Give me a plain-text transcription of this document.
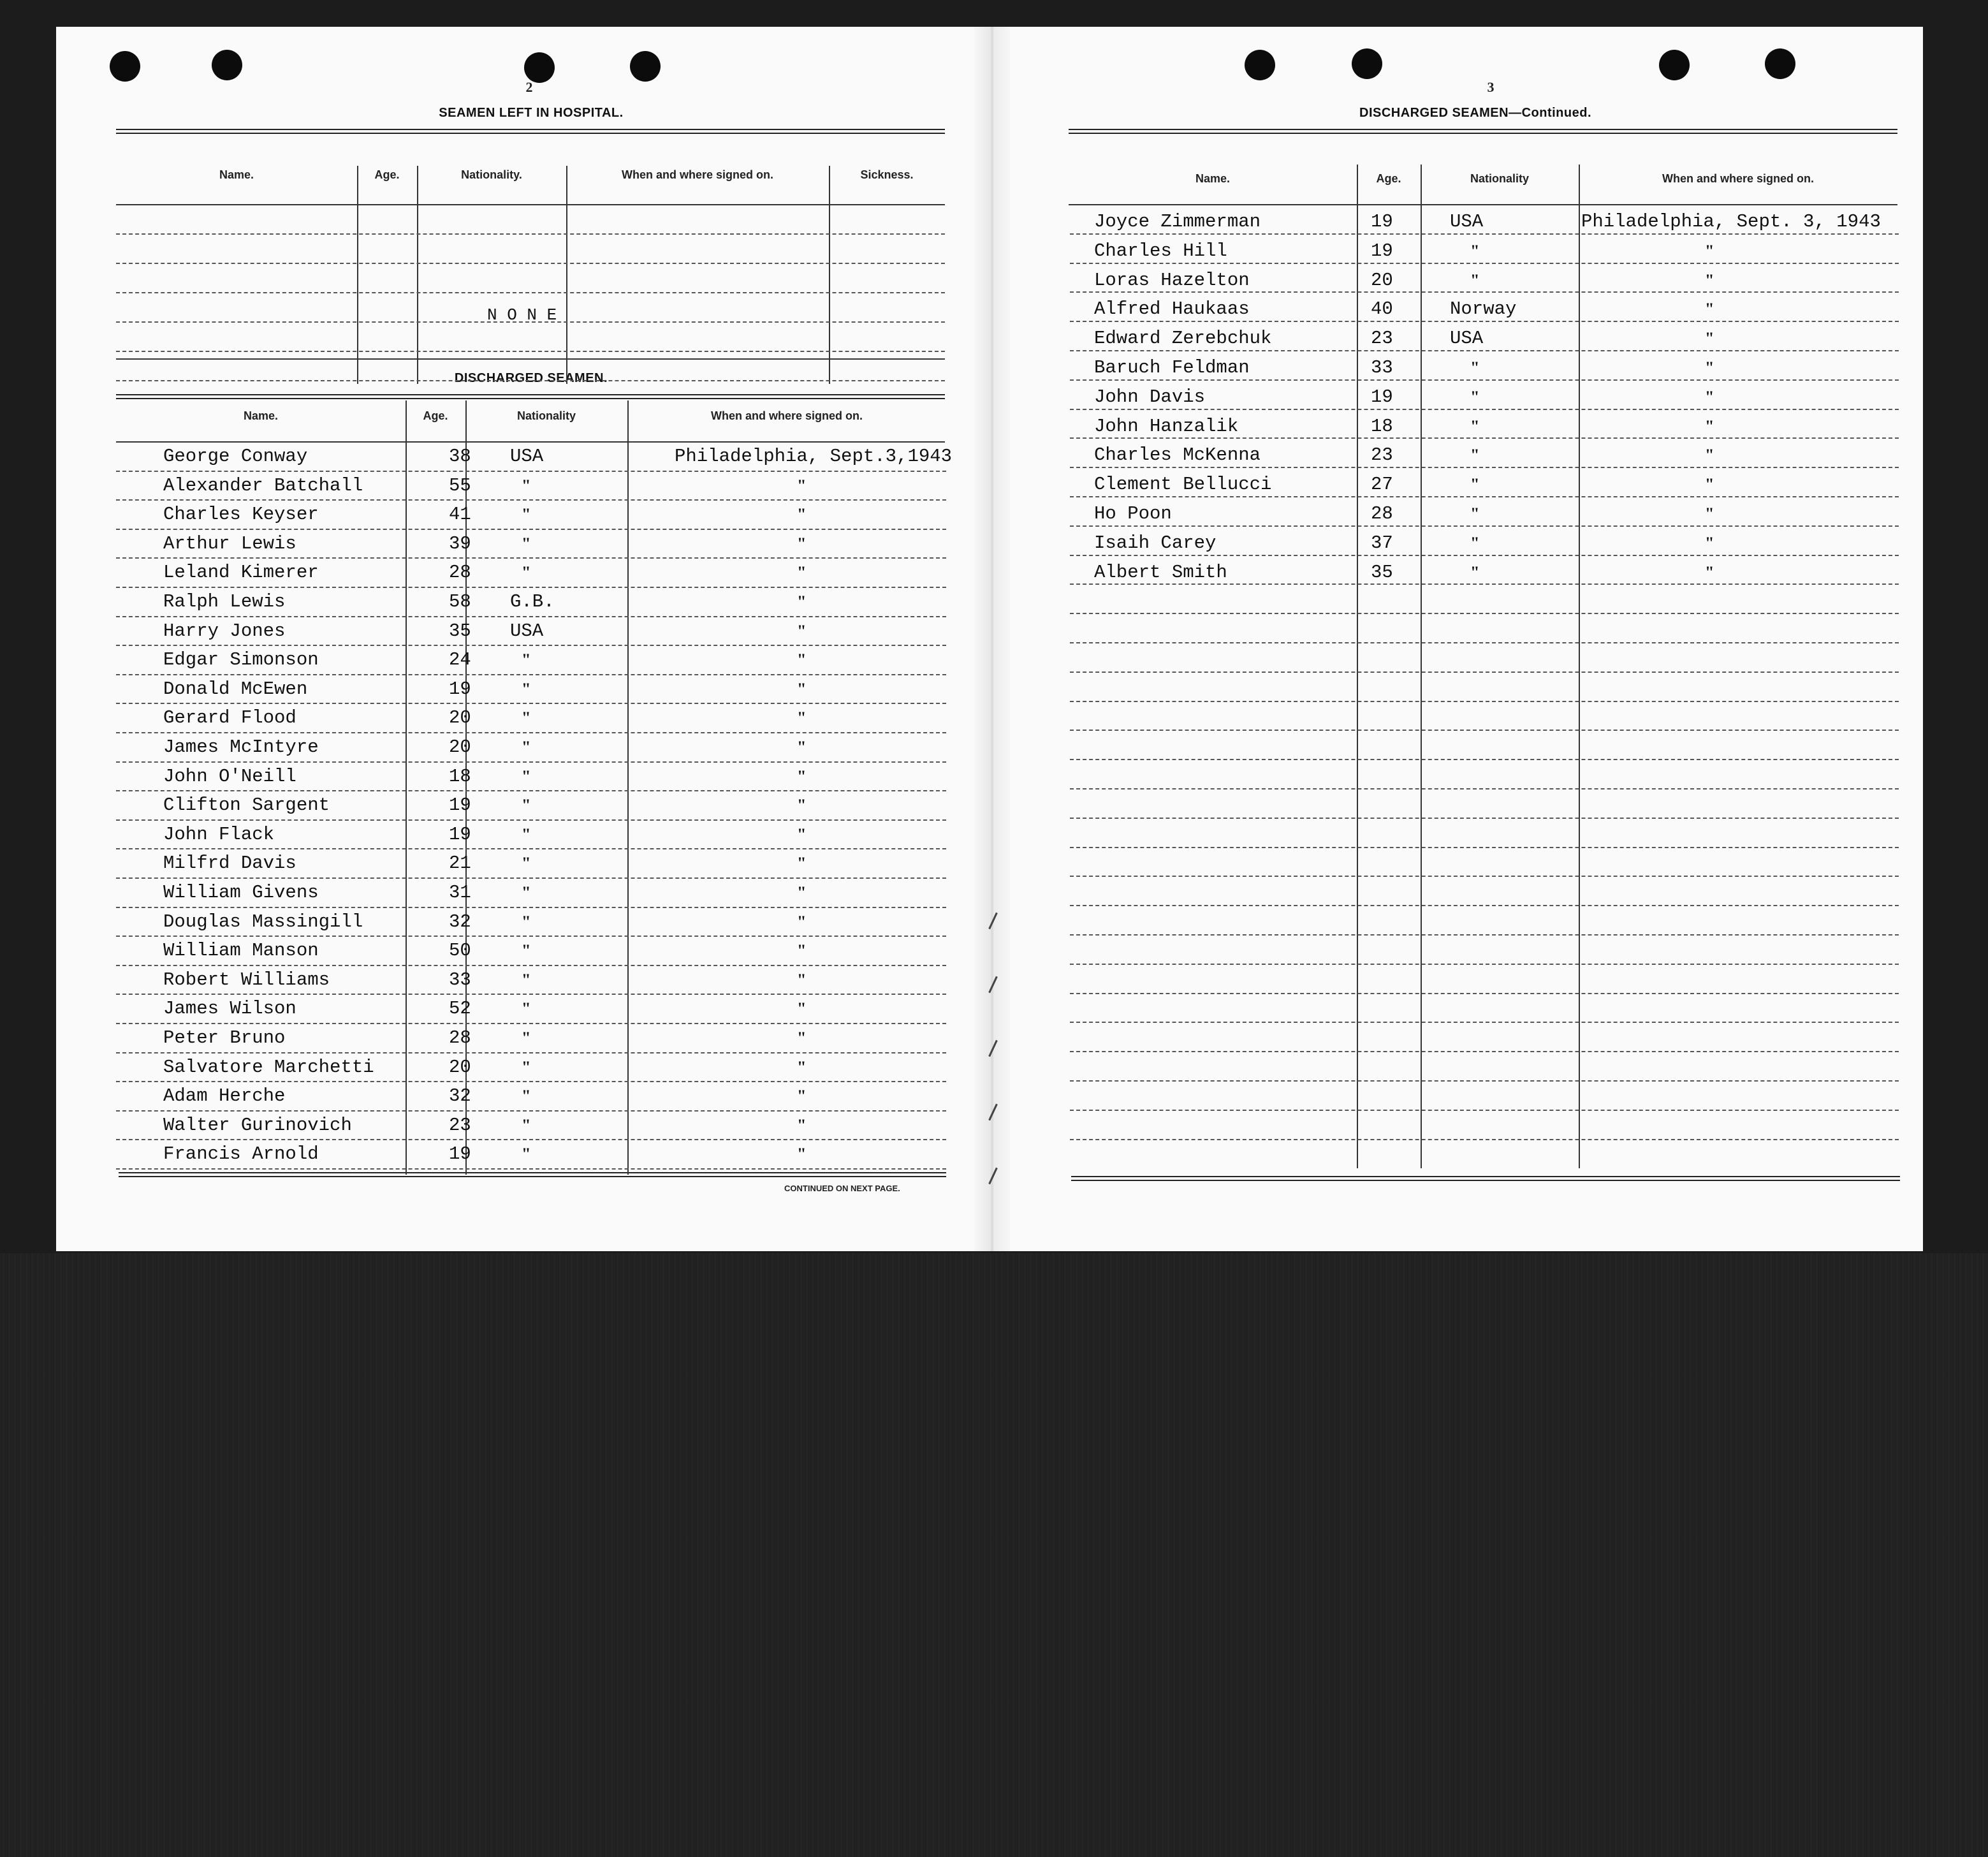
2
SEAMEN LEFT IN HOSPITAL.
DISCHARGED SEAMEN.
CONTINUED ON NEXT PAGE.
Name.	Age.	Nationality.	When and where signed on.	Sickness.
N O N E
Name.	Age.	Nationality	When and where signed on.
George Conway	38 USA	Philadelphia, Sept.3,1943
Alexander Batchall	55	"	"
Charles Keyser	41	"	"
Arthur Lewis	39	"	"
Leland Kimerer	28	"	"
Ralph Lewis	58 G.B.	"
Harry Jones	35 USA	"
Edgar Simonson	24	"	"
Donald McEwen	19	"	"
Gerard Flood	20	"	"
James McIntyre	20	"	"
John O'Neill	18	"	"
Clifton Sargent	19	"	"
John Flack	19	"	"
Milfrd Davis	21	"	"
William Givens	31	"	"
Douglas Massingill	32	"	"
William Manson	50	"	"
Robert Williams	33	"	"
James Wilson	52	"	"
Peter Bruno	28	"	"
Salvatore Marchetti	20	"	"
Adam Herche	32	"	"
Walter Gurinovich	23	"	"
Francis Arnold	19	"	"
3
DISCHARGED SEAMEN—Continued.
Name.	Age.	Nationality	When and where signed on.
Joyce Zimmerman	19	USA	Philadelphia, Sept. 3, 1943
Charles Hill	19	"	"
Loras Hazelton	20	"	"
Alfred Haukaas	40	Norway	"
Edward Zerebchuk	23	USA	"
Baruch Feldman	33	"	"
John Davis	19	"	"
John Hanzalik	18	"	"
Charles McKenna	23	"	"
Clement Bellucci	27	"	"
Ho Poon	28	"	"
Isaih Carey	37	"	"
Albert Smith	35	"	"
